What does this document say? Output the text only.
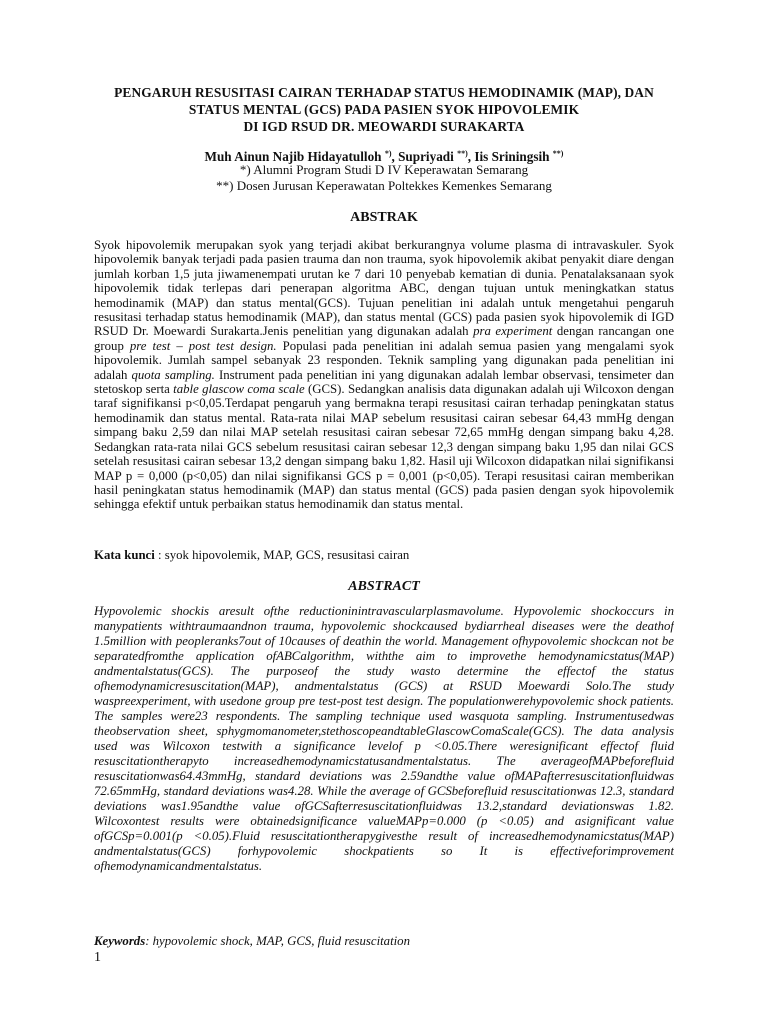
PENGARUH RESUSITASI CAIRAN TERHADAP STATUS HEMODINAMIK (MAP), DAN
STATUS MENTAL (GCS) PADA PASIEN SYOK HIPOVOLEMIK
DI IGD RSUD DR. MEOWARDI SURAKARTA
Muh Ainun Najib Hidayatulloh *), Supriyadi **), Iis Sriningsih **)
*) Alumni Program Studi D IV Keperawatan Semarang
**) Dosen Jurusan Keperawatan Poltekkes Kemenkes Semarang
ABSTRAK

Syok hipovolemik merupakan syok yang terjadi akibat berkurangnya volume plasma di intravaskuler. Syok hipovolemik banyak terjadi pada pasien trauma dan non trauma, syok hipovolemik akibat penyakit diare dengan jumlah korban 1,5 juta jiwamenempati urutan ke 7 dari 10 penyebab kematian di dunia. Penatalaksanaan syok hipovolemik tidak terlepas dari penerapan algoritma ABC, dengan tujuan untuk meningkatkan status hemodinamik (MAP) dan status mental(GCS). Tujuan penelitian ini adalah untuk mengetahui pengaruh resusitasi terhadap status hemodinamik (MAP), dan status mental (GCS) pada pasien syok hipovolemik di IGD RSUD Dr. Moewardi Surakarta.Jenis penelitian yang digunakan adalah pra experiment dengan rancangan one group pre test – post test design. Populasi pada penelitian ini adalah semua pasien yang mengalami syok hipovolemik. Jumlah sampel sebanyak 23 responden. Teknik sampling yang digunakan pada penelitian ini adalah quota sampling. Instrument pada penelitian ini yang digunakan adalah lembar observasi, tensimeter dan stetoskop serta table glascow coma scale (GCS). Sedangkan analisis data digunakan adalah uji Wilcoxon dengan taraf signifikansi p<0,05.Terdapat pengaruh yang bermakna terapi resusitasi cairan terhadap peningkatan status hemodinamik dan status mental. Rata-rata nilai MAP sebelum resusitasi cairan sebesar 64,43 mmHg dengan simpang baku 2,59 dan nilai MAP setelah resusitasi cairan sebesar 72,65 mmHg dengan simpang baku 4,28. Sedangkan rata-rata nilai GCS sebelum resusitasi cairan sebesar 12,3 dengan simpang baku 1,95 dan nilai GCS setelah resusitasi cairan sebesar 13,2 dengan simpang baku 1,82. Hasil uji Wilcoxon didapatkan nilai signifikansi MAP p = 0,000 (p<0,05) dan nilai signifikansi GCS p = 0,001 (p<0,05). Terapi resusitasi cairan memberikan hasil peningkatan status hemodinamik (MAP) dan status mental (GCS) pada pasien dengan syok hipovolemik sehingga efektif untuk perbaikan status hemodinamik dan status mental.

Kata kunci : syok hipovolemik, MAP, GCS, resusitasi cairan
ABSTRACT

Hypovolemic shockis aresult ofthe reductioninintravascularplasmavolume. Hypovolemic shockoccurs in manypatients withtraumaandnon trauma, hypovolemic shockcaused bydiarrheal diseases were the deathof 1.5million with peopleranks7out of 10causes of deathin the world. Management ofhypovolemic shockcan not be separatedfromthe application ofABCalgorithm, withthe aim to improvethe hemodynamicstatus(MAP) andmentalstatus(GCS). The purposeof the study wasto determine the effectof the status ofhemodynamicresuscitation(MAP), andmentalstatus (GCS) at RSUD Moewardi Solo.The study waspreexperiment, with usedone group pre test-post test design. The populationwerehypovolemic shock patients. The samples were23 respondents. The sampling technique used wasquota sampling. Instrumentusedwas theobservation sheet, sphygmomanometer,stethoscopeandtableGlascowComaScale(GCS). The data analysis used was Wilcoxon testwith a significance levelof p <0.05.There weresignificant effectof fluid resuscitationtherapyto increasedhemodynamicstatusandmentalstatus. The averageofMAPbeforefluid resuscitationwas64.43mmHg, standard deviations was 2.59andthe value ofMAPafterresuscitationfluidwas 72.65mmHg, standard deviations was4.28. While the average of GCSbeforefluid resuscitationwas 12.3, standard deviations was1.95andthe value ofGCSafterresuscitationfluidwas 13.2,standard deviationswas 1.82. Wilcoxontest results were obtainedsignificance valueMAPp=0.000 (p <0.05) and asignificant value ofGCSp=0.001(p <0.05).Fluid resuscitationtherapygivesthe result of increasedhemodynamicstatus(MAP) andmentalstatus(GCS) forhypovolemic shockpatients so It is effectiveforimprovement ofhemodynamicandmentalstatus.

Keywords: hypovolemic shock, MAP, GCS, fluid resuscitation
1
